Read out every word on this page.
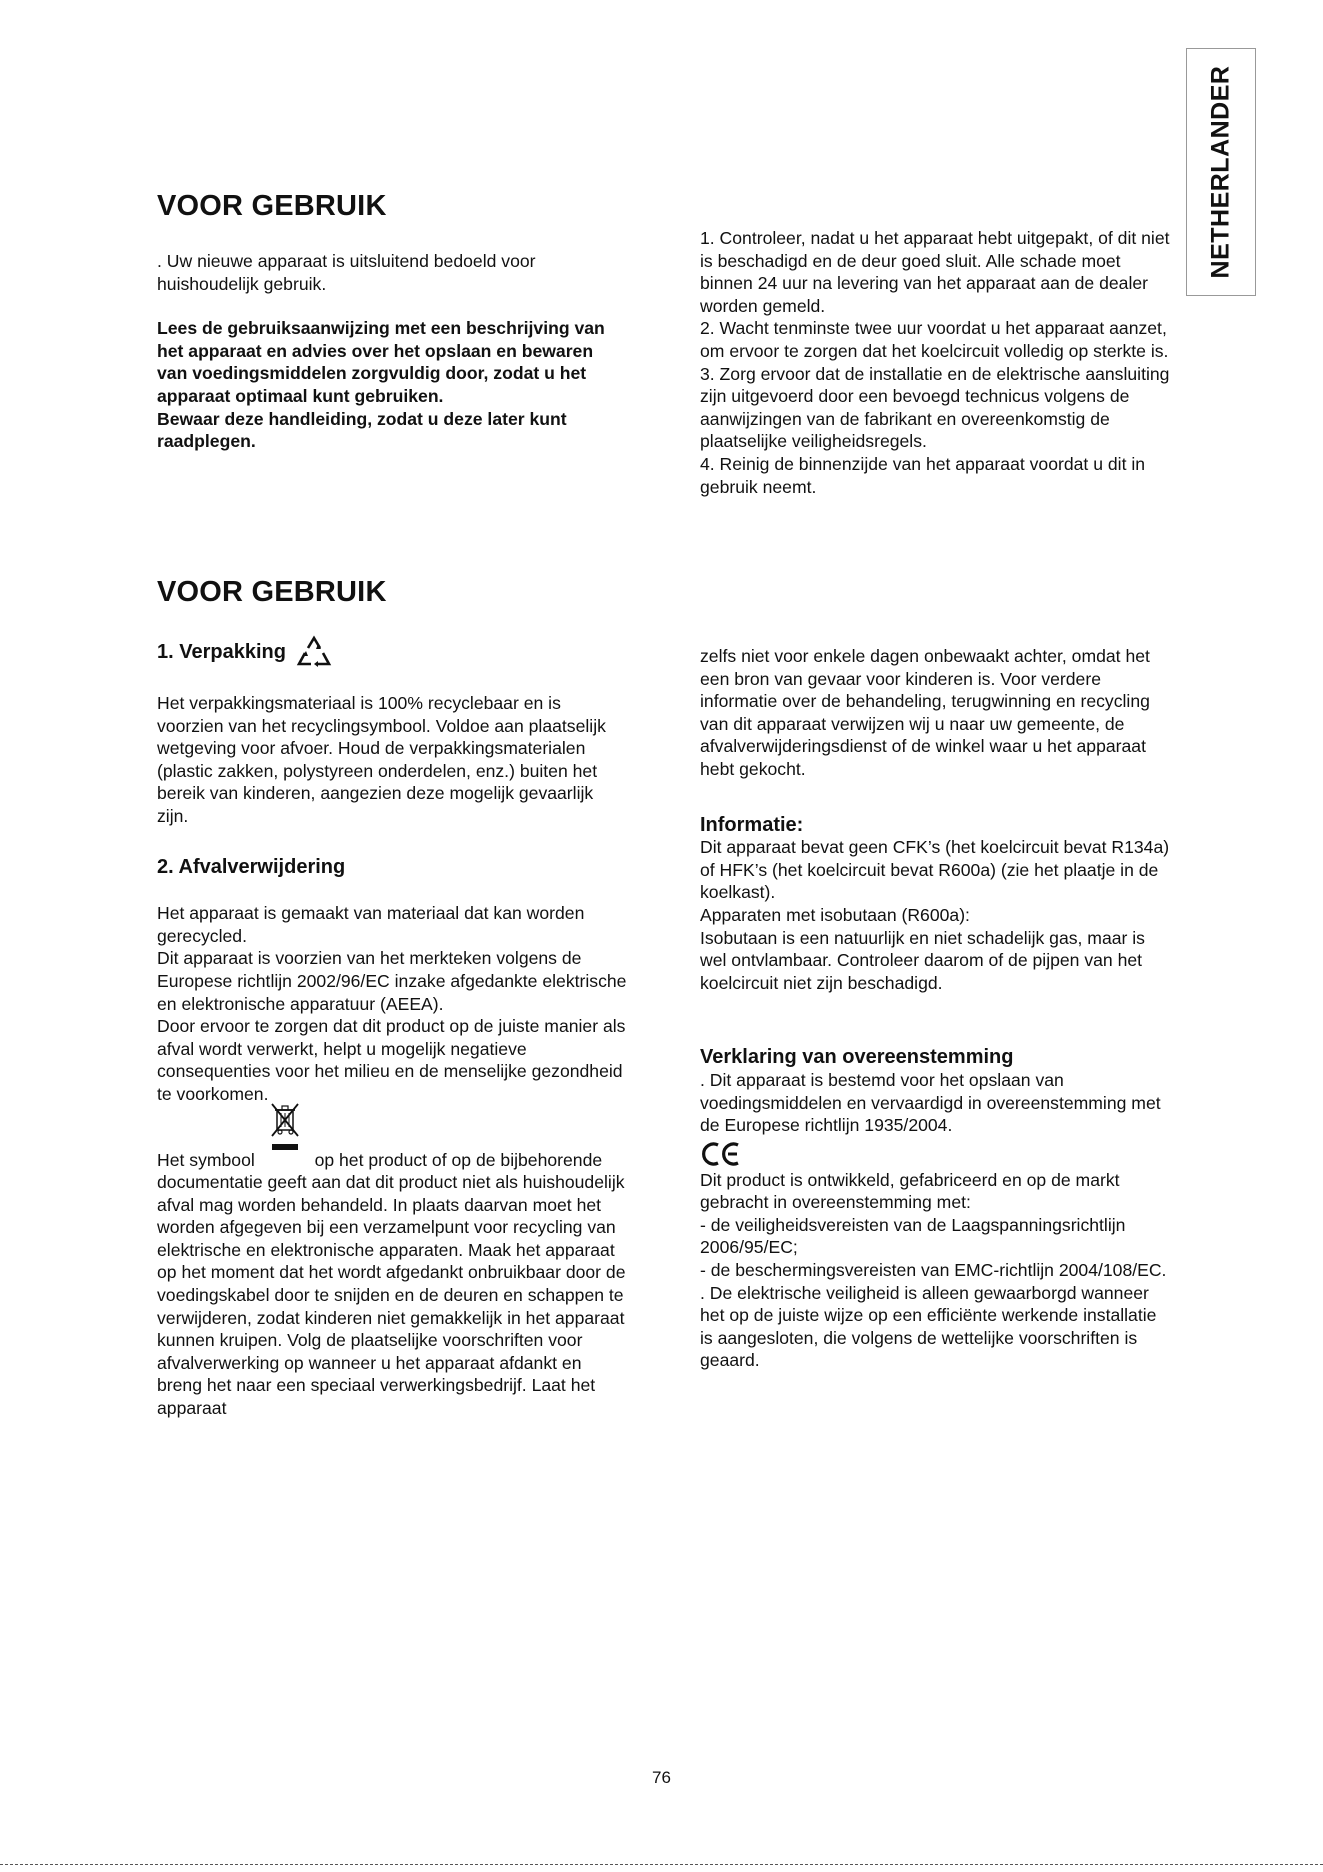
NETHERLANDER
VOOR GEBRUIK

. Uw nieuwe apparaat is uitsluitend bedoeld voor huishoudelijk gebruik.

Lees de gebruiksaanwijzing met een beschrijving van het apparaat en advies over het opslaan en bewaren van voedingsmiddelen zorgvuldig door, zodat u het apparaat optimaal kunt gebruiken.

Bewaar deze handleiding, zodat u deze later kunt raadplegen.

1. Controleer, nadat u het apparaat hebt uitgepakt, of dit niet is beschadigd en de deur goed sluit. Alle schade moet binnen 24 uur na levering van het apparaat aan de dealer worden gemeld.

2. Wacht tenminste twee uur voordat u het apparaat aanzet, om ervoor te zorgen dat het koelcircuit volledig op sterkte is.

3. Zorg ervoor dat de installatie en de elektrische aansluiting zijn uitgevoerd door een bevoegd technicus volgens de aanwijzingen van de fabrikant en overeenkomstig de plaatselijke veiligheidsregels.

4. Reinig de binnenzijde van het apparaat voordat u dit in gebruik neemt.

VOOR GEBRUIK
1. Verpakking

Het verpakkingsmateriaal is 100% recyclebaar en is voorzien van het recyclingsymbool. Voldoe aan plaatselijk wetgeving voor afvoer. Houd de verpakkingsmaterialen (plastic zakken, polystyreen onderdelen, enz.) buiten het bereik van kinderen, aangezien deze mogelijk gevaarlijk zijn.

2. Afvalverwijdering

Het apparaat is gemaakt van materiaal dat kan worden gerecycled.

Dit apparaat is voorzien van het merkteken volgens de Europese richtlijn 2002/96/EC inzake afgedankte elektrische en elektronische apparatuur (AEEA).

Door ervoor te zorgen dat dit product op de juiste manier als afval wordt verwerkt, helpt u mogelijk negatieve consequenties voor het milieu en de menselijke gezondheid te voorkomen.

Het symbool	op het product of op de bijbehorende documentatie geeft aan dat dit product niet als huishoudelijk afval mag worden behandeld. In plaats daarvan moet het worden afgegeven bij een verzamelpunt voor recycling van elektrische en elektronische apparaten. Maak het apparaat op het moment dat het wordt afgedankt onbruikbaar door de voedingskabel door te snijden en de deuren en schappen te verwijderen, zodat kinderen niet gemakkelijk in het apparaat kunnen kruipen. Volg de plaatselijke voorschriften voor afvalverwerking op wanneer u het apparaat afdankt en breng het naar een speciaal verwerkingsbedrijf. Laat het apparaat

zelfs niet voor enkele dagen onbewaakt achter, omdat het een bron van gevaar voor kinderen is. Voor verdere informatie over de behandeling, terugwinning en recycling van dit apparaat verwijzen wij u naar uw gemeente, de afvalverwijderingsdienst of de winkel waar u het apparaat hebt gekocht.

Informatie:

Dit apparaat bevat geen CFK’s (het koelcircuit bevat R134a) of HFK’s (het koelcircuit bevat R600a) (zie het plaatje in de koelkast).

Apparaten met isobutaan (R600a):

Isobutaan is een natuurlijk en niet schadelijk gas, maar is wel ontvlambaar. Controleer daarom of de pijpen van het koelcircuit niet zijn beschadigd.

Verklaring van overeenstemming

. Dit apparaat is bestemd voor het opslaan van voedingsmiddelen en vervaardigd in overeenstemming met de Europese richtlijn 1935/2004.

Dit product is ontwikkeld, gefabriceerd en op de markt gebracht in overeenstemming met:

- de veiligheidsvereisten van de Laagspanningsrichtlijn 2006/95/EC;

- de beschermingsvereisten van EMC-richtlijn 2004/108/EC.

. De elektrische veiligheid is alleen gewaarborgd wanneer het op de juiste wijze op een efficiënte werkende installatie is aangesloten, die volgens de wettelijke voorschriften is geaard.

76
